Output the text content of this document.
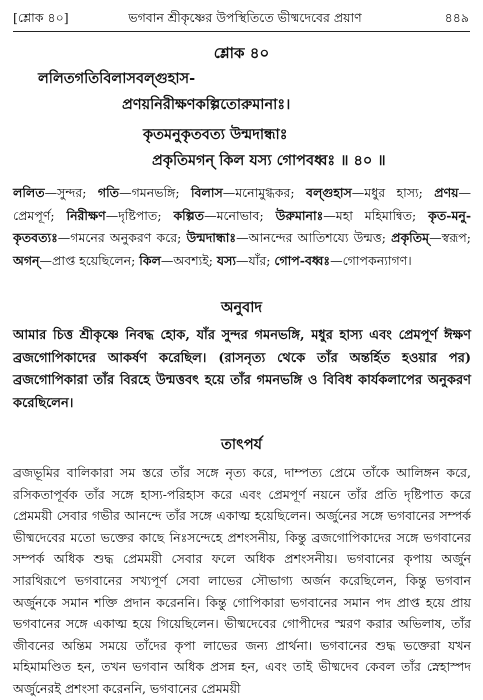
[শ্লোক ৪০]	ভগবান শ্রীকৃষ্ণের উপস্থিতিতে ভীষ্মদেবের প্রয়াণ	৪৪৯
শ্লোক ৪০
ললিতগতিবিলাসবল্গুহাস-
প্রণয়নিরীক্ষণকল্পিতোরুমানাঃ।
কৃতমনুকৃতবত্য উন্মদান্ধাঃ
প্রকৃতিমগন্ কিল যস্য গোপবধ্বঃ ॥ ৪০ ॥
ললিত—সুন্দর; গতি—গমনভঙ্গি; বিলাস—মনোমুগ্ধকর; বল্গুহাস—মধুর হাস্য; প্রণয়—প্রেমপূর্ণ; নিরীক্ষণ—দৃষ্টিপাত; কল্পিত—মনোভাব; উরুমানাঃ—মহা মহিমান্বিত; কৃত-মনু-কৃতবত্যঃ—গমনের অনুকরণ করে; উন্মদান্ধাঃ—আনন্দের আতিশয্যে উন্মত্ত; প্রকৃতিম্—স্বরূপ; অগন্—প্রাপ্ত হয়েছিলেন; কিল—অবশ্যই; যস্য—যাঁর; গোপ-বধ্বঃ—গোপকন্যাগণ।
অনুবাদ
আমার চিত্ত শ্রীকৃষ্ণে নিবদ্ধ হোক, যাঁর সুন্দর গমনভঙ্গি, মধুর হাস্য এবং প্রেমপূর্ণ ঈক্ষণ ব্রজগোপিকাদের আকর্ষণ করেছিল। (রাসনৃত্য থেকে তাঁর অন্তর্হিত হওয়ার পর) ব্রজগোপিকারা তাঁর বিরহে উন্মত্তবৎ হয়ে তাঁর গমনভঙ্গি ও বিবিধ কার্যকলাপের অনুকরণ করেছিলেন।
তাৎপর্য
ব্রজভূমির বালিকারা সম স্তরে তাঁর সঙ্গে নৃত্য করে, দাম্পত্য প্রেমে তাঁকে আলিঙ্গন করে, রসিকতাপূর্বক তাঁর সঙ্গে হাস্য-পরিহাস করে এবং প্রেমপূর্ণ নয়নে তাঁর প্রতি দৃষ্টিপাত করে প্রেমময়ী সেবার গভীর আনন্দে তাঁর সঙ্গে একাত্ম হয়েছিলেন। অর্জুনের সঙ্গে ভগবানের সম্পর্ক ভীষ্মদেবের মতো ভক্তের কাছে নিঃসন্দেহে প্রশংসনীয়, কিন্তু ব্রজগোপিকাদের সঙ্গে ভগবানের সম্পর্ক অধিক শুদ্ধ প্রেমময়ী সেবার ফলে অধিক প্রশংসনীয়। ভগবানের কৃপায় অর্জুন সারথিরূপে ভগবানের সখ্যপূর্ণ সেবা লাভের সৌভাগ্য অর্জন করেছিলেন, কিন্তু ভগবান অর্জুনকে সমান শক্তি প্রদান করেননি। কিন্তু গোপিকারা ভগবানের সমান পদ প্রাপ্ত হয়ে প্রায় ভগবানের সঙ্গে একাত্ম হয়ে গিয়েছিলেন। ভীষ্মদেবের গোপীদের স্মরণ করার অভিলাষ, তাঁর জীবনের অন্তিম সময়ে তাঁদের কৃপা লাভের জন্য প্রার্থনা। ভগবানের শুদ্ধ ভক্তেরা যখন মহিমামণ্ডিত হন, তখন ভগবান অধিক প্রসন্ন হন, এবং তাই ভীষ্মদেব কেবল তাঁর স্নেহাস্পদ অর্জুনেরই প্রশংসা করেননি, ভগবানের প্রেমময়ী
